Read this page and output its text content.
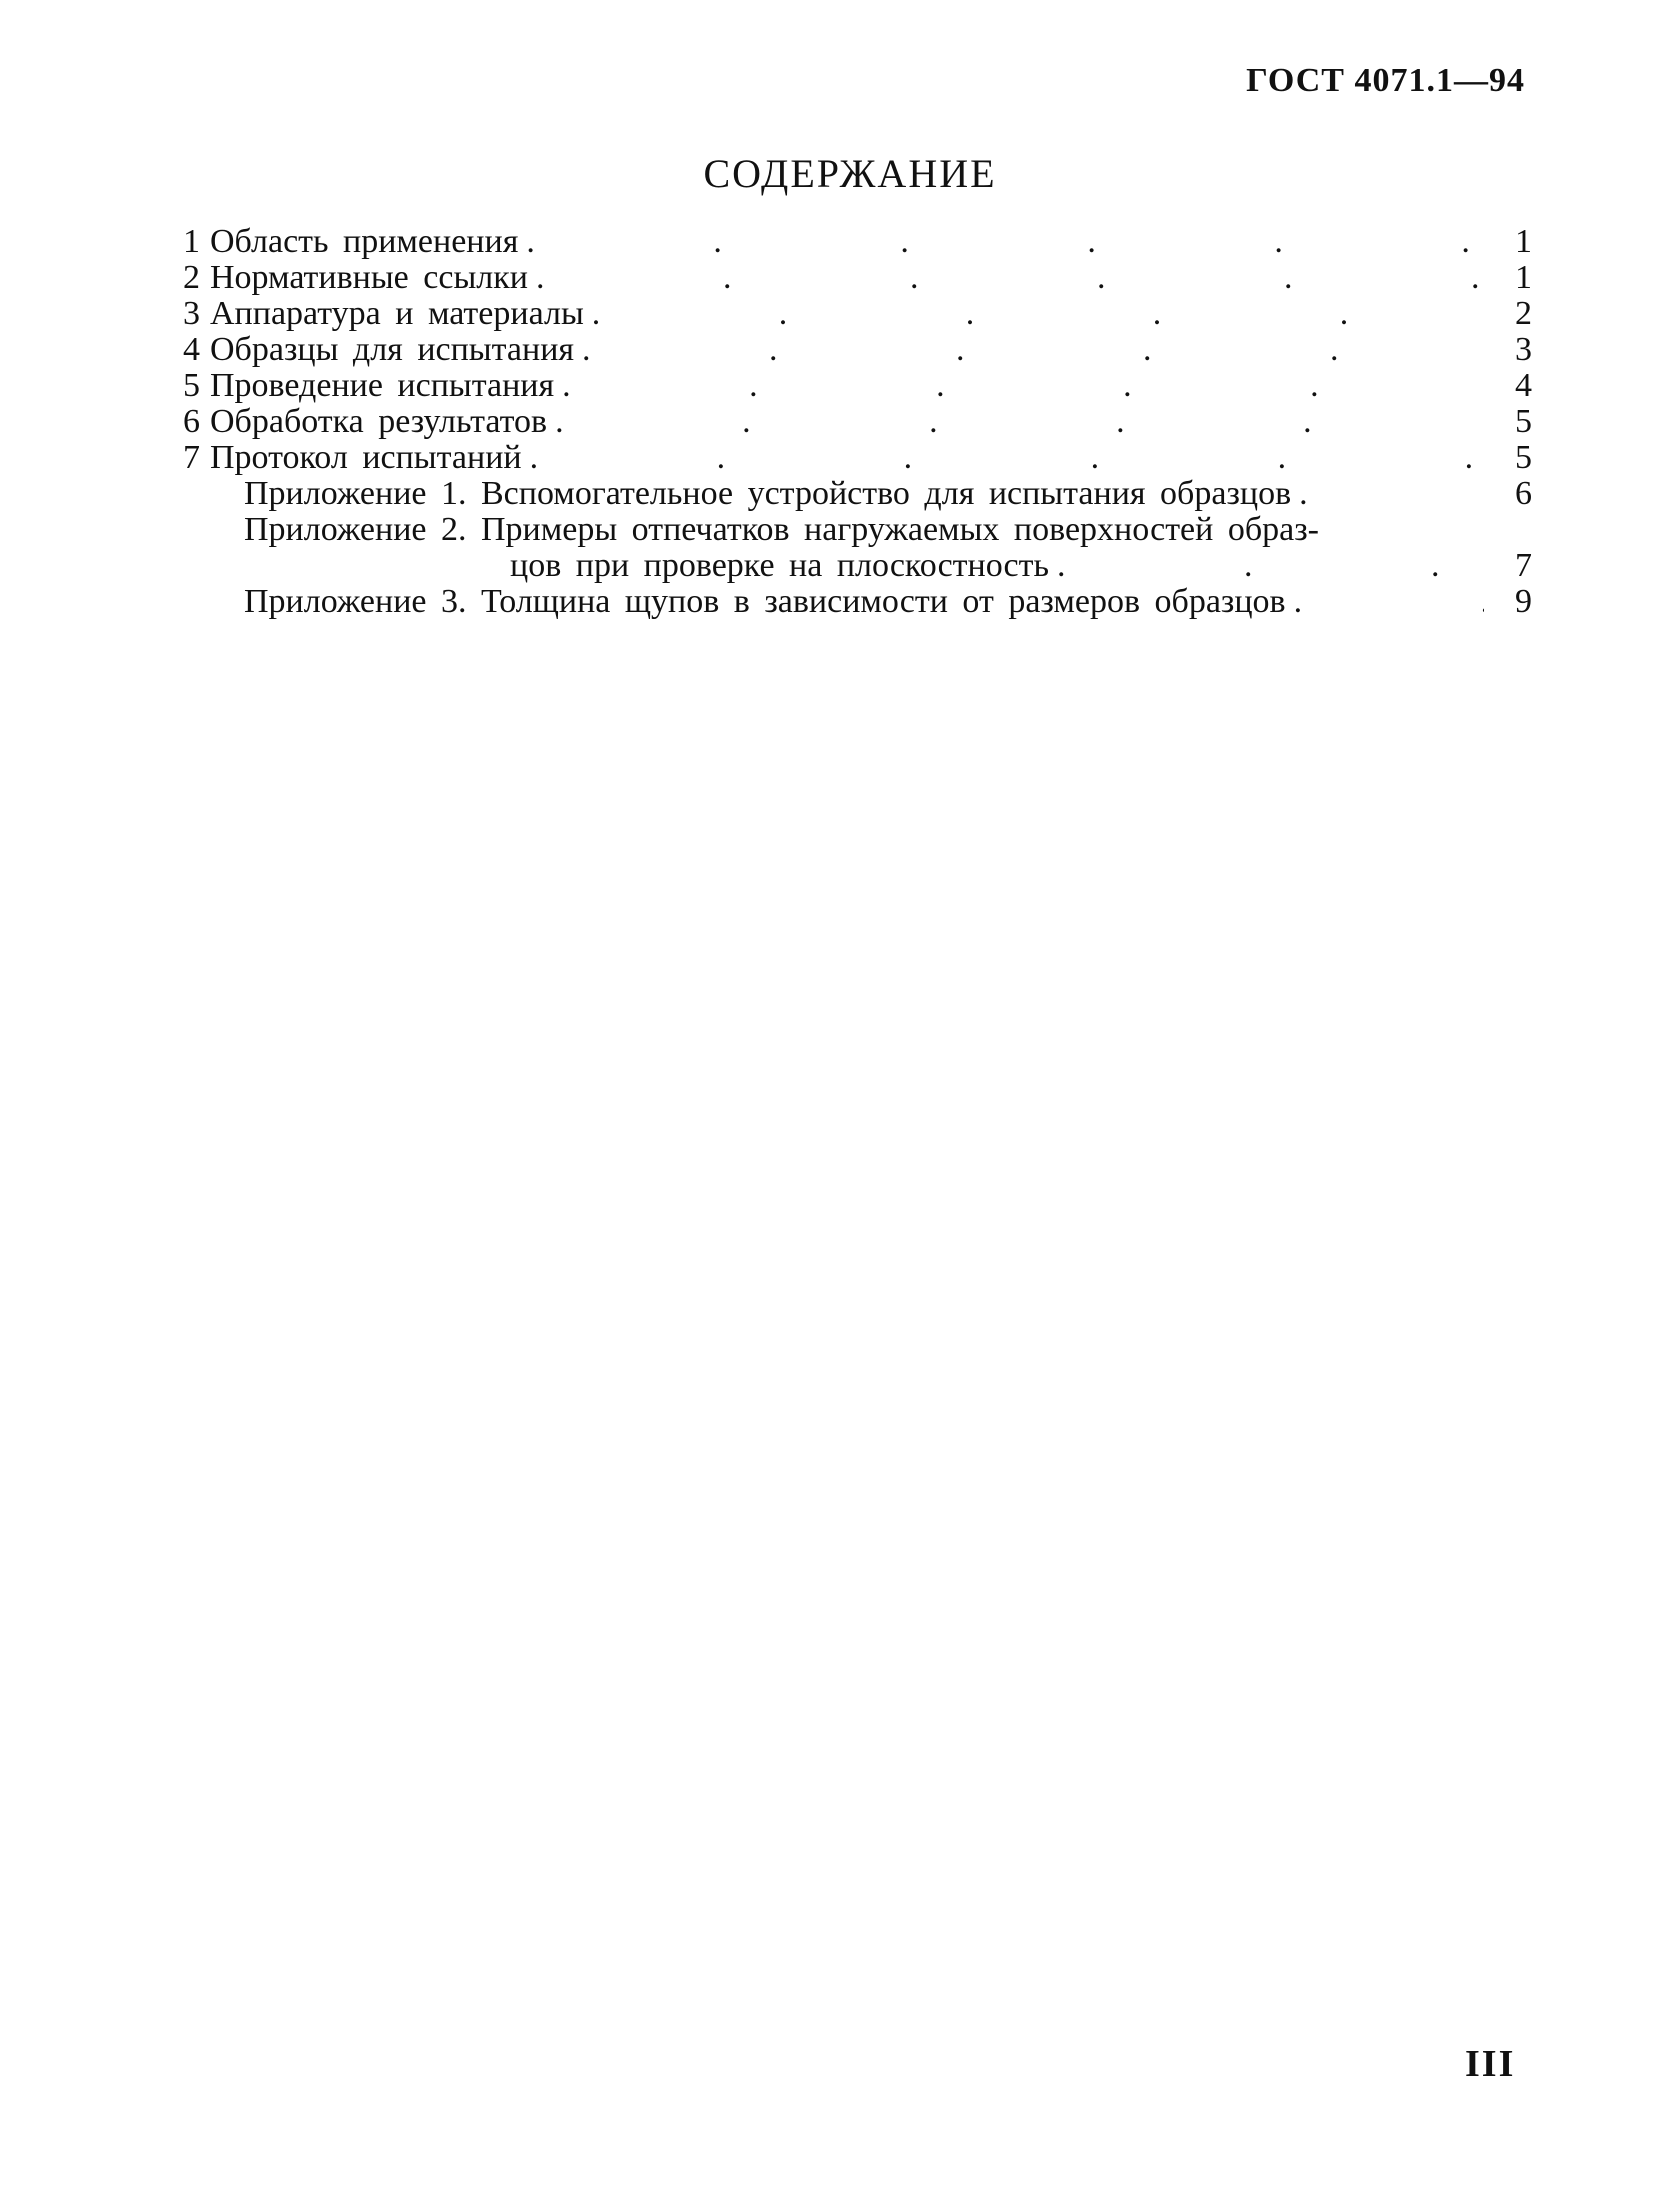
ГОСТ 4071.1—94
СОДЕРЖАНИЕ
1 Область применения .	1
2 Нормативные ссылки .	1
3 Аппаратура и материалы .	2
4 Образцы для испытания .	3
5 Проведение испытания .	4
6 Обработка результатов .	5
7 Протокол испытаний .	5
Приложение 1. Вспомогательное устройство для испытания образцов .	6
Приложение 2. Примеры отпечатков нагружаемых поверхностей образ-
цов при проверке на плоскостность .	7
Приложение 3. Толщина щупов в зависимости от размеров образцов .	9
III
